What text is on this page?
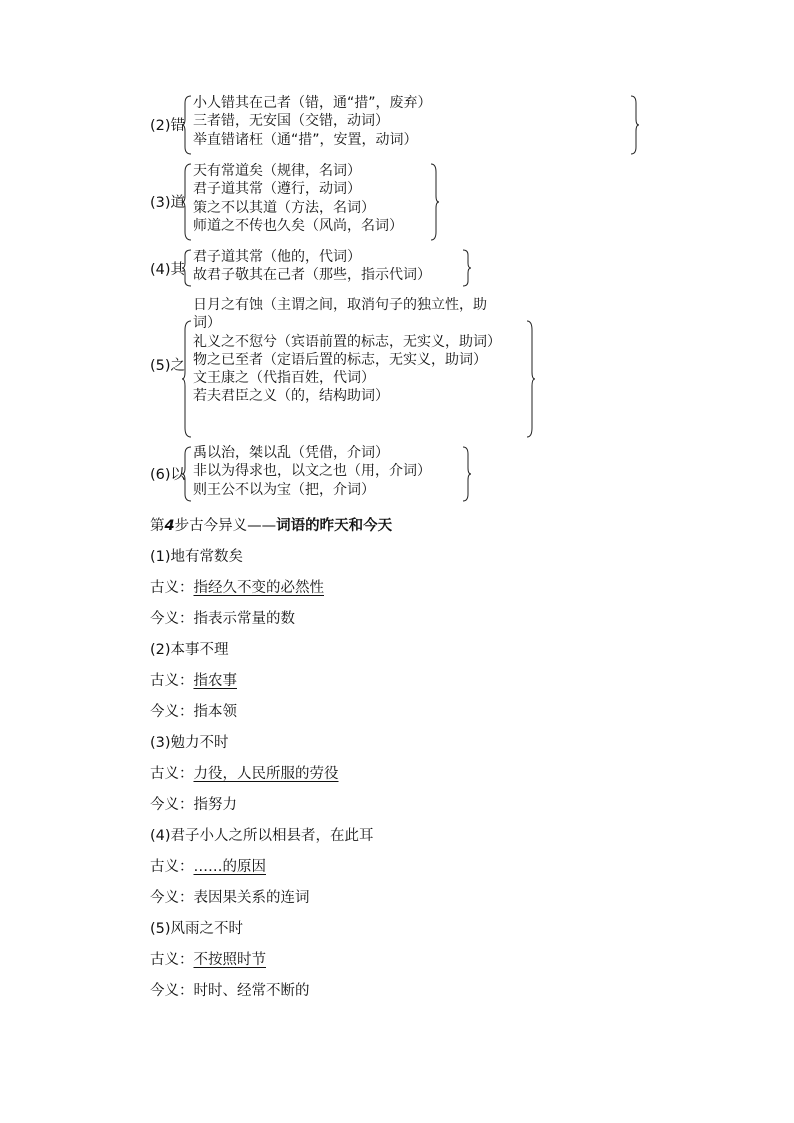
(2)错
小人错其在己者（错，通“措”，废弃）
三者错，无安国（交错，动词）
举直错诸枉（通“措”，安置，动词）
(3)道
天有常道矣（规律，名词）
君子道其常（遵行，动词）
策之不以其道（方法，名词）
师道之不传也久矣（风尚，名词）
(4)其
君子道其常（他的，代词）
故君子敬其在己者（那些，指示代词）
(5)之
日月之有蚀（主谓之间，取消句子的独立性，助词）
礼义之不愆兮（宾语前置的标志，无实义，助词）
物之已至者（定语后置的标志，无实义，助词）
文王康之（代指百姓，代词）
若夫君臣之义（的，结构助词）
(6)以
禹以治，桀以乱（凭借，介词）
非以为得求也，以文之也（用，介词）
则王公不以为宝（把，介词）
第4步古今异义——词语的昨天和今天
(1)地有常数矣
古义：指经久不变的必然性
今义：指表示常量的数
(2)本事不理
古义：指农事
今义：指本领
(3)勉力不时
古义：力役，人民所服的劳役
今义：指努力
(4)君子小人之所以相县者，在此耳
古义：……的原因
今义：表因果关系的连词
(5)风雨之不时
古义：不按照时节
今义：时时、经常不断的
